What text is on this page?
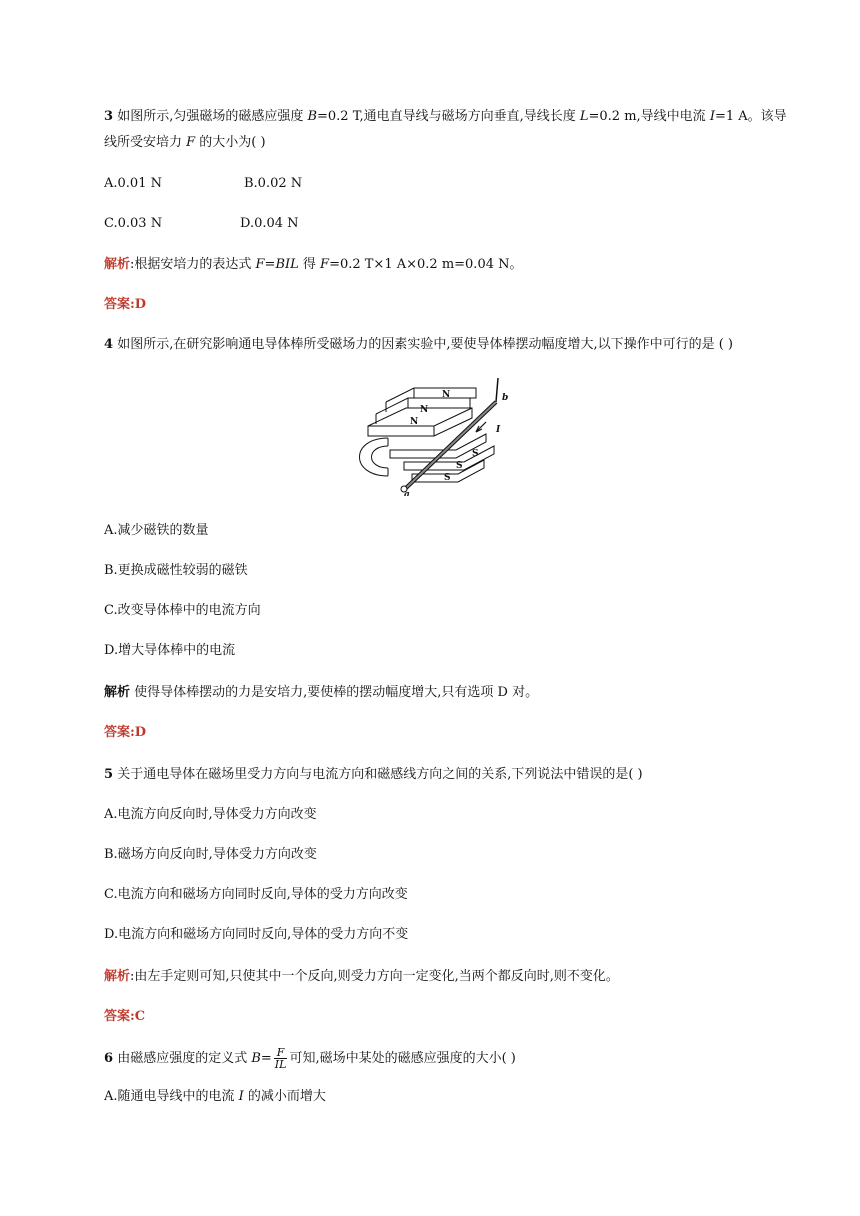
3 如图所示,匀强磁场的磁感应强度 B=0.2 T,通电直导线与磁场方向垂直,导线长度 L=0.2 m,导线中电流 I=1 A。该导
线所受安培力 F 的大小为( )
A.0.01 N	B.0.02 N
C.0.03 N	D.0.04 N
解析:根据安培力的表达式 F=BIL 得 F=0.2 T×1 A×0.2 m=0.04 N。
答案:D
4 如图所示,在研究影响通电导体棒所受磁场力的因素实验中,要使导体棒摆动幅度增大,以下操作中可行的是 ( )
N
N
N
S
S
S
a
b
I
A.减少磁铁的数量
B.更换成磁性较弱的磁铁
C.改变导体棒中的电流方向
D.增大导体棒中的电流
解析 使得导体棒摆动的力是安培力,要使棒的摆动幅度增大,只有选项 D 对。
答案:D
5 关于通电导体在磁场里受力方向与电流方向和磁感线方向之间的关系,下列说法中错误的是( )
A.电流方向反向时,导体受力方向改变
B.磁场方向反向时,导体受力方向改变
C.电流方向和磁场方向同时反向,导体的受力方向改变
D.电流方向和磁场方向同时反向,导体的受力方向不变
解析:由左手定则可知,只使其中一个反向,则受力方向一定变化,当两个都反向时,则不变化。
答案:C
6 由磁感应强度的定义式 $B= \frac{F}{IL}$ 可知,磁场中某处的磁感应强度的大小( )
A.随通电导线中的电流 I 的减小而增大
